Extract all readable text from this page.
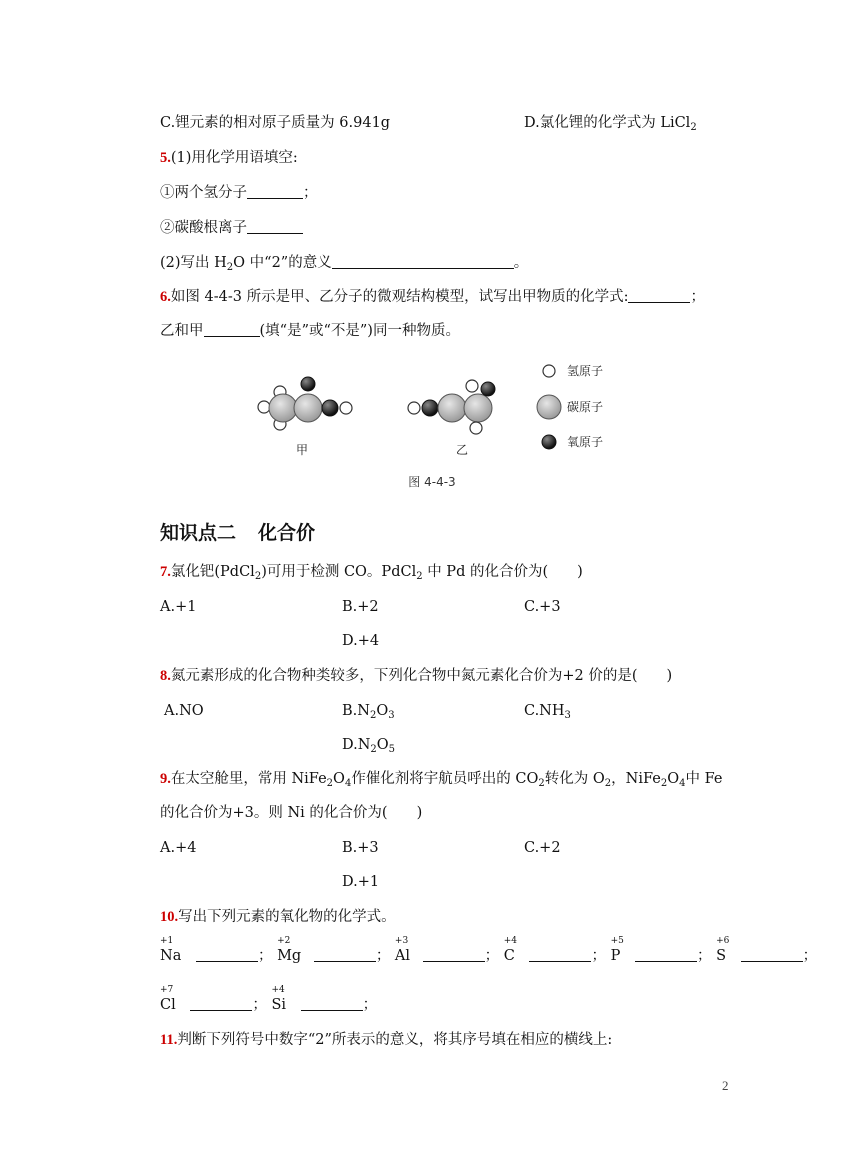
C.锂元素的相对原子质量为 6.941g	D.氯化锂的化学式为 LiCl$_2$
5.(1)用化学用语填空:
①两个氢分子	；
②碳酸根离子
(2)写出 $H_2O$ 中“2”的意义	。
6.如图 4-4-3 所示是甲、乙分子的微观结构模型，试写出甲物质的化学式:	；
乙和甲	(填“是”或“不是”)同一种物质。
甲	乙
氢原子
碳原子
氧原子
图 4-4-3
知识点二 化合价
7.氯化钯(PdCl$_2$)可用于检测 CO。PdCl$_2$ 中 Pd 的化合价为(　　)
A.+1	B.+2	C.+3
D.+4
8.氮元素形成的化合物种类较多，下列化合物中氮元素化合价为+2 价的是(　　)
A.NO	$B.N_2O_3$	$C.NH_3$
$D.N_2O_5$
9.在太空舱里，常用 $NiFe_2O_4$作催化剂将宇航员呼出的 $CO_2$转化为 $O_2$，$NiFe_2O_4$中 Fe
的化合价为+3。则 Ni 的化合价为(　　)
A.+4	B.+3	C.+2
D.+1
10.写出下列元素的氧化物的化学式。
+1
Na	；
+2
Mg	；
+3
Al	；
+4
C	；
+5
P	；
+6
S	；
+7
Cl	；
+4
Si	；
11.判断下列符号中数字“2”所表示的意义，将其序号填在相应的横线上:
2
